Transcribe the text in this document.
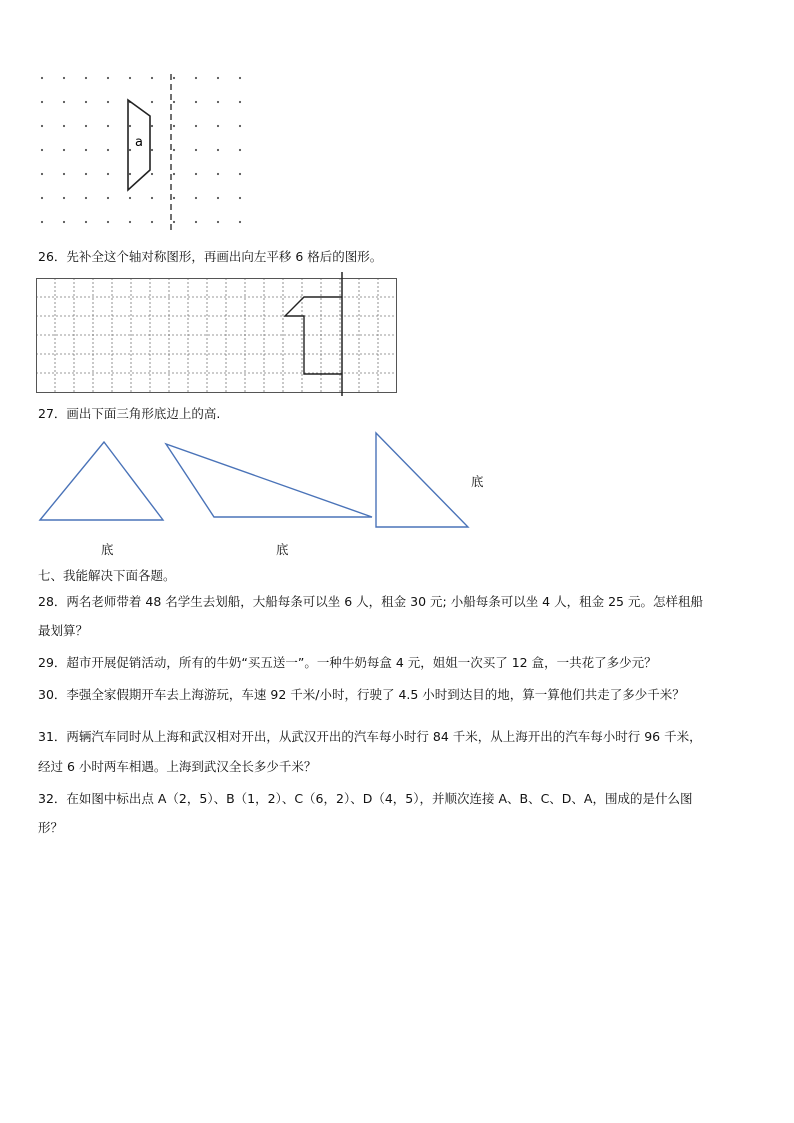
a
26．先补全这个轴对称图形，再画出向左平移 6 格后的图形。
27．画出下面三角形底边上的高.
底
底	底
七、我能解决下面各题。
28．两名老师带着 48 名学生去划船，大船每条可以坐 6 人，租金 30 元; 小船每条可以坐 4 人，租金 25 元。怎样租船
最划算？
29．超市开展促销活动，所有的牛奶“买五送一”。一种牛奶每盒 4 元，姐姐一次买了 12 盒，一共花了多少元？
30．李强全家假期开车去上海游玩，车速 92 千米/小时，行驶了 4.5 小时到达目的地，算一算他们共走了多少千米？
31．两辆汽车同时从上海和武汉相对开出，从武汉开出的汽车每小时行 84 千米，从上海开出的汽车每小时行 96 千米，
经过 6 小时两车相遇。上海到武汉全长多少千米？
32．在如图中标出点 A（2，5）、B（1，2）、C（6，2）、D（4，5），并顺次连接 A、B、C、D、A，围成的是什么图
形？
